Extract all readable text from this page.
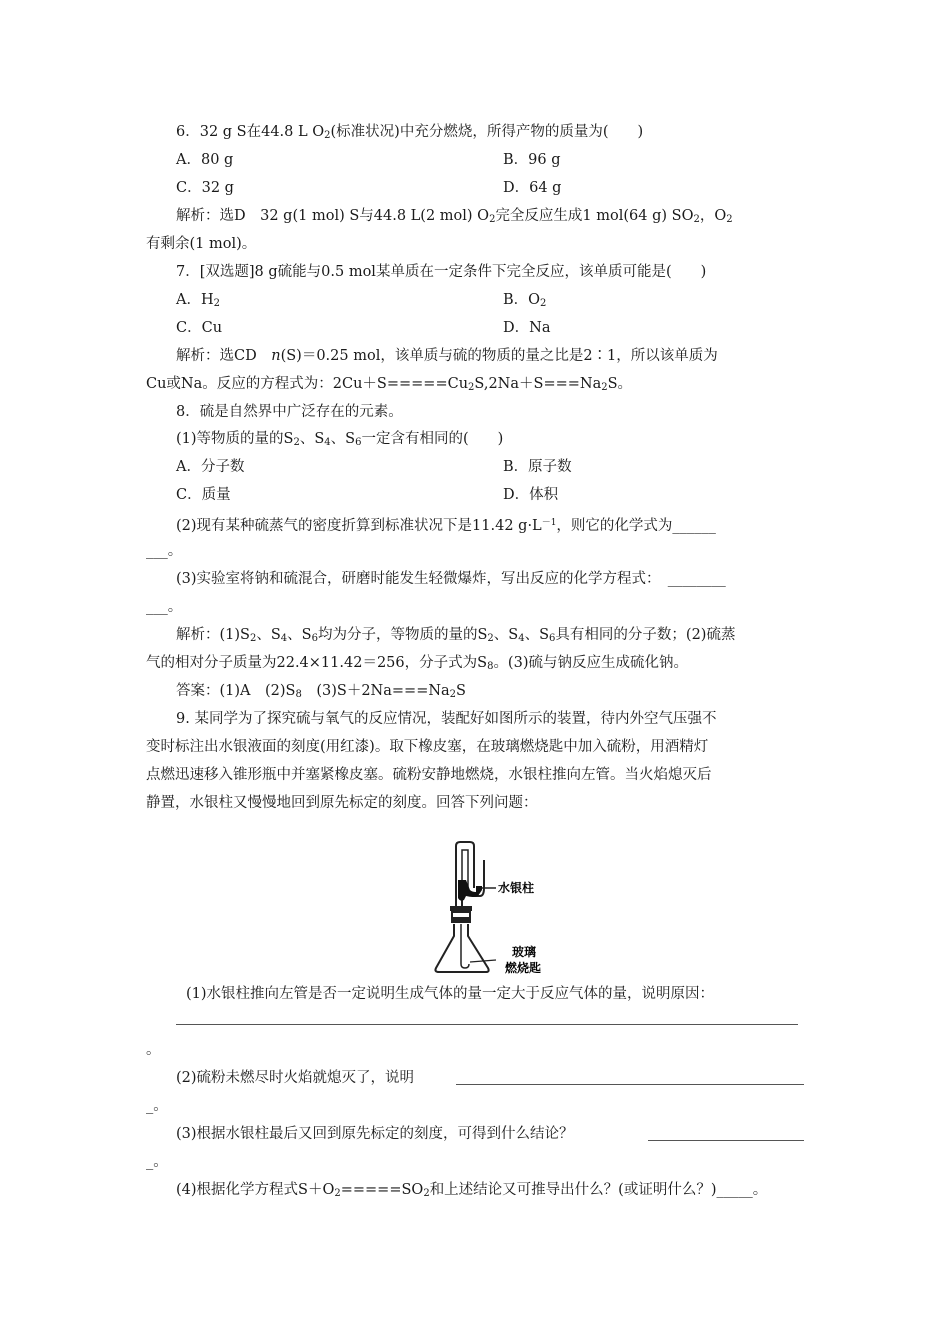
6．32 g S在44.8 L $O_2$(标准状况)中充分燃烧，所得产物的质量为(　　)
A．80 g	B．96 g
C．32 g	D．64 g
解析：选D　32 g(1 mol) S与44.8 L(2 mol) $O_2$完全反应生成1 mol(64 g) $SO_2$，$O_2$
有剩余(1 mol)。
7．[双选题]8 g硫能与0.5 mol某单质在一定条件下完全反应，该单质可能是(　　)
A．$H_2$	B．$O_2$
C．Cu	D．Na
解析：选CD　n(S)＝0.25 mol，该单质与硫的物质的量之比是2∶1，所以该单质为
Cu或Na。反应的方程式为：$2Cu+S=====Cu_2S,2Na+S===Na_2S$。
8．硫是自然界中广泛存在的元素。
(1)等物质的量的$S_2$、$S_4$、$S_6$一定含有相同的(　　)
A．分子数	B．原子数
C．质量	D．体积
(2)现有某种硫蒸气的密度折算到标准状况下是11.42 $g\cdot L^{-1}$，则它的化学式为______
___。
(3)实验室将钠和硫混合，研磨时能发生轻微爆炸，写出反应的化学方程式：　________
___。
解析：$(1)S_2$、$S_4$、$S_6$均为分子，等物质的量的$S_2$、$S_4$、$S_6$具有相同的分子数；(2)硫蒸
气的相对分子质量为22.4×11.42＝256，分子式为$S_8$。(3)硫与钠反应生成硫化钠。
答案：(1)A　$(2)S_8$　$(3)S+2Na===Na_2S$
9. 某同学为了探究硫与氧气的反应情况，装配好如图所示的装置，待内外空气压强不
变时标注出水银液面的刻度(用红漆)。取下橡皮塞，在玻璃燃烧匙中加入硫粉，用酒精灯
点燃迅速移入锥形瓶中并塞紧橡皮塞。硫粉安静地燃烧，水银柱推向左管。当火焰熄灭后
静置，水银柱又慢慢地回到原先标定的刻度。回答下列问题：
水银柱
玻璃
燃烧匙
(1)水银柱推向左管是否一定说明生成气体的量一定大于反应气体的量，说明原因：
。
(2)硫粉未燃尽时火焰就熄灭了，说明
_。
(3)根据水银柱最后又回到原先标定的刻度，可得到什么结论？
_。
(4)根据化学方程式$S+O_2=====SO_2$和上述结论又可推导出什么？(或证明什么？)_____。
